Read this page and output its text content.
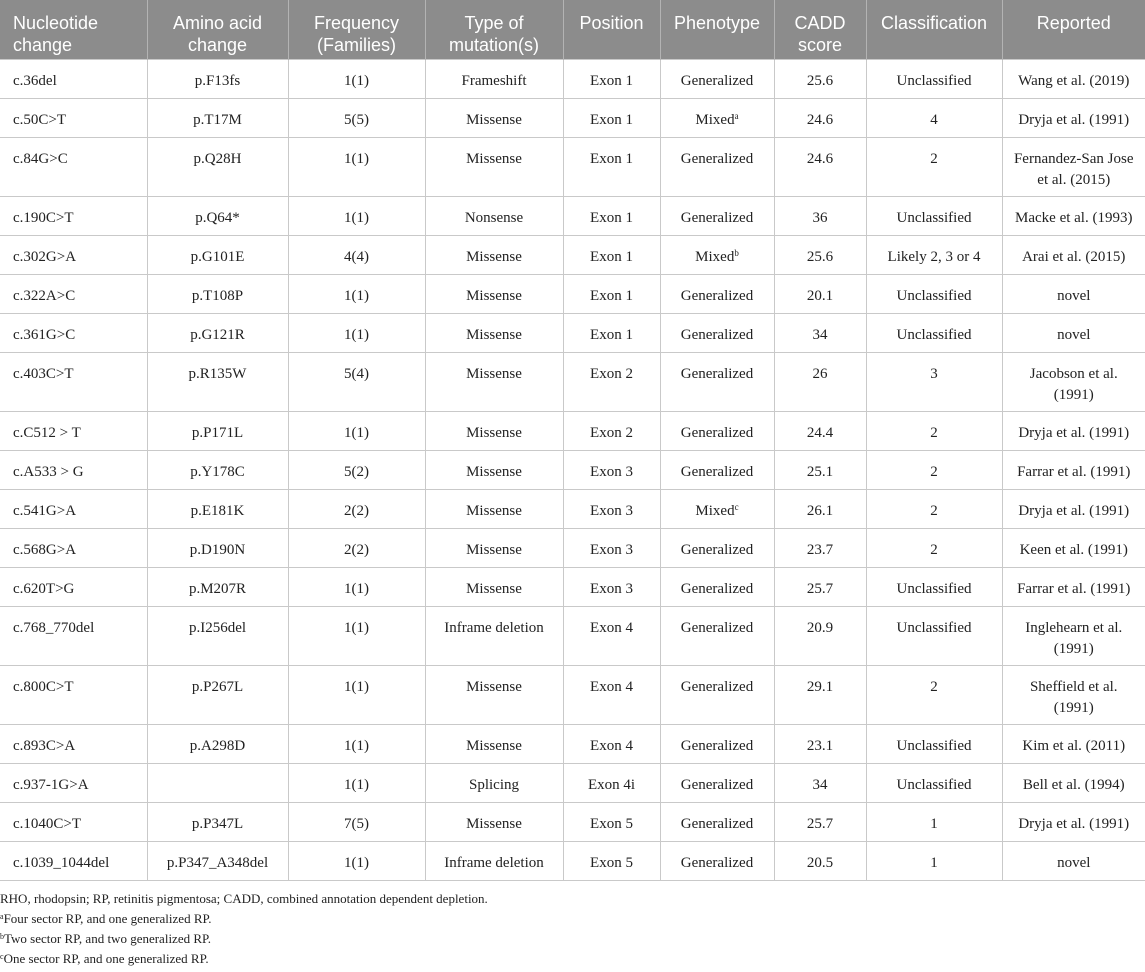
Nucleotide change	Amino acid change	Frequency (Families)	Type of mutation(s)	Position	Phenotype	CADD score	Classification	Reported
c.36del	p.F13fs	1(1)	Frameshift	Exon 1	Generalized	25.6	Unclassified	Wang et al. (2019)
c.50C>T	p.T17M	5(5)	Missense	Exon 1	Mixed$^a$	24.6	4	Dryja et al. (1991)
c.84G>C	p.Q28H	1(1)	Missense	Exon 1	Generalized	24.6	2	Fernandez-San Jose et al. (2015)
c.190C>T	p.Q64*	1(1)	Nonsense	Exon 1	Generalized	36	Unclassified	Macke et al. (1993)
c.302G>A	p.G101E	4(4)	Missense	Exon 1	Mixed$^b$	25.6	Likely 2, 3 or 4	Arai et al. (2015)
c.322A>C	p.T108P	1(1)	Missense	Exon 1	Generalized	20.1	Unclassified	novel
c.361G>C	p.G121R	1(1)	Missense	Exon 1	Generalized	34	Unclassified	novel
c.403C>T	p.R135W	5(4)	Missense	Exon 2	Generalized	26	3	Jacobson et al. (1991)
c.C512 > T	p.P171L	1(1)	Missense	Exon 2	Generalized	24.4	2	Dryja et al. (1991)
c.A533 > G	p.Y178C	5(2)	Missense	Exon 3	Generalized	25.1	2	Farrar et al. (1991)
c.541G>A	p.E181K	2(2)	Missense	Exon 3	Mixed$^c$	26.1	2	Dryja et al. (1991)
c.568G>A	p.D190N	2(2)	Missense	Exon 3	Generalized	23.7	2	Keen et al. (1991)
c.620T>G	p.M207R	1(1)	Missense	Exon 3	Generalized	25.7	Unclassified	Farrar et al. (1991)
c.768_770del	p.I256del	1(1)	Inframe deletion	Exon 4	Generalized	20.9	Unclassified	Inglehearn et al. (1991)
c.800C>T	p.P267L	1(1)	Missense	Exon 4	Generalized	29.1	2	Sheffield et al. (1991)
c.893C>A	p.A298D	1(1)	Missense	Exon 4	Generalized	23.1	Unclassified	Kim et al. (2011)
c.937-1G>A		1(1)	Splicing	Exon 4i	Generalized	34	Unclassified	Bell et al. (1994)
c.1040C>T	p.P347L	7(5)	Missense	Exon 5	Generalized	25.7	1	Dryja et al. (1991)
c.1039_1044del	p.P347_A348del	1(1)	Inframe deletion	Exon 5	Generalized	20.5	1	novel
RHO, rhodopsin; RP, retinitis pigmentosa; CADD, combined annotation dependent depletion.
$^a$Four sector RP, and one generalized RP.
$^b$Two sector RP, and two generalized RP.
$^c$One sector RP, and one generalized RP.
